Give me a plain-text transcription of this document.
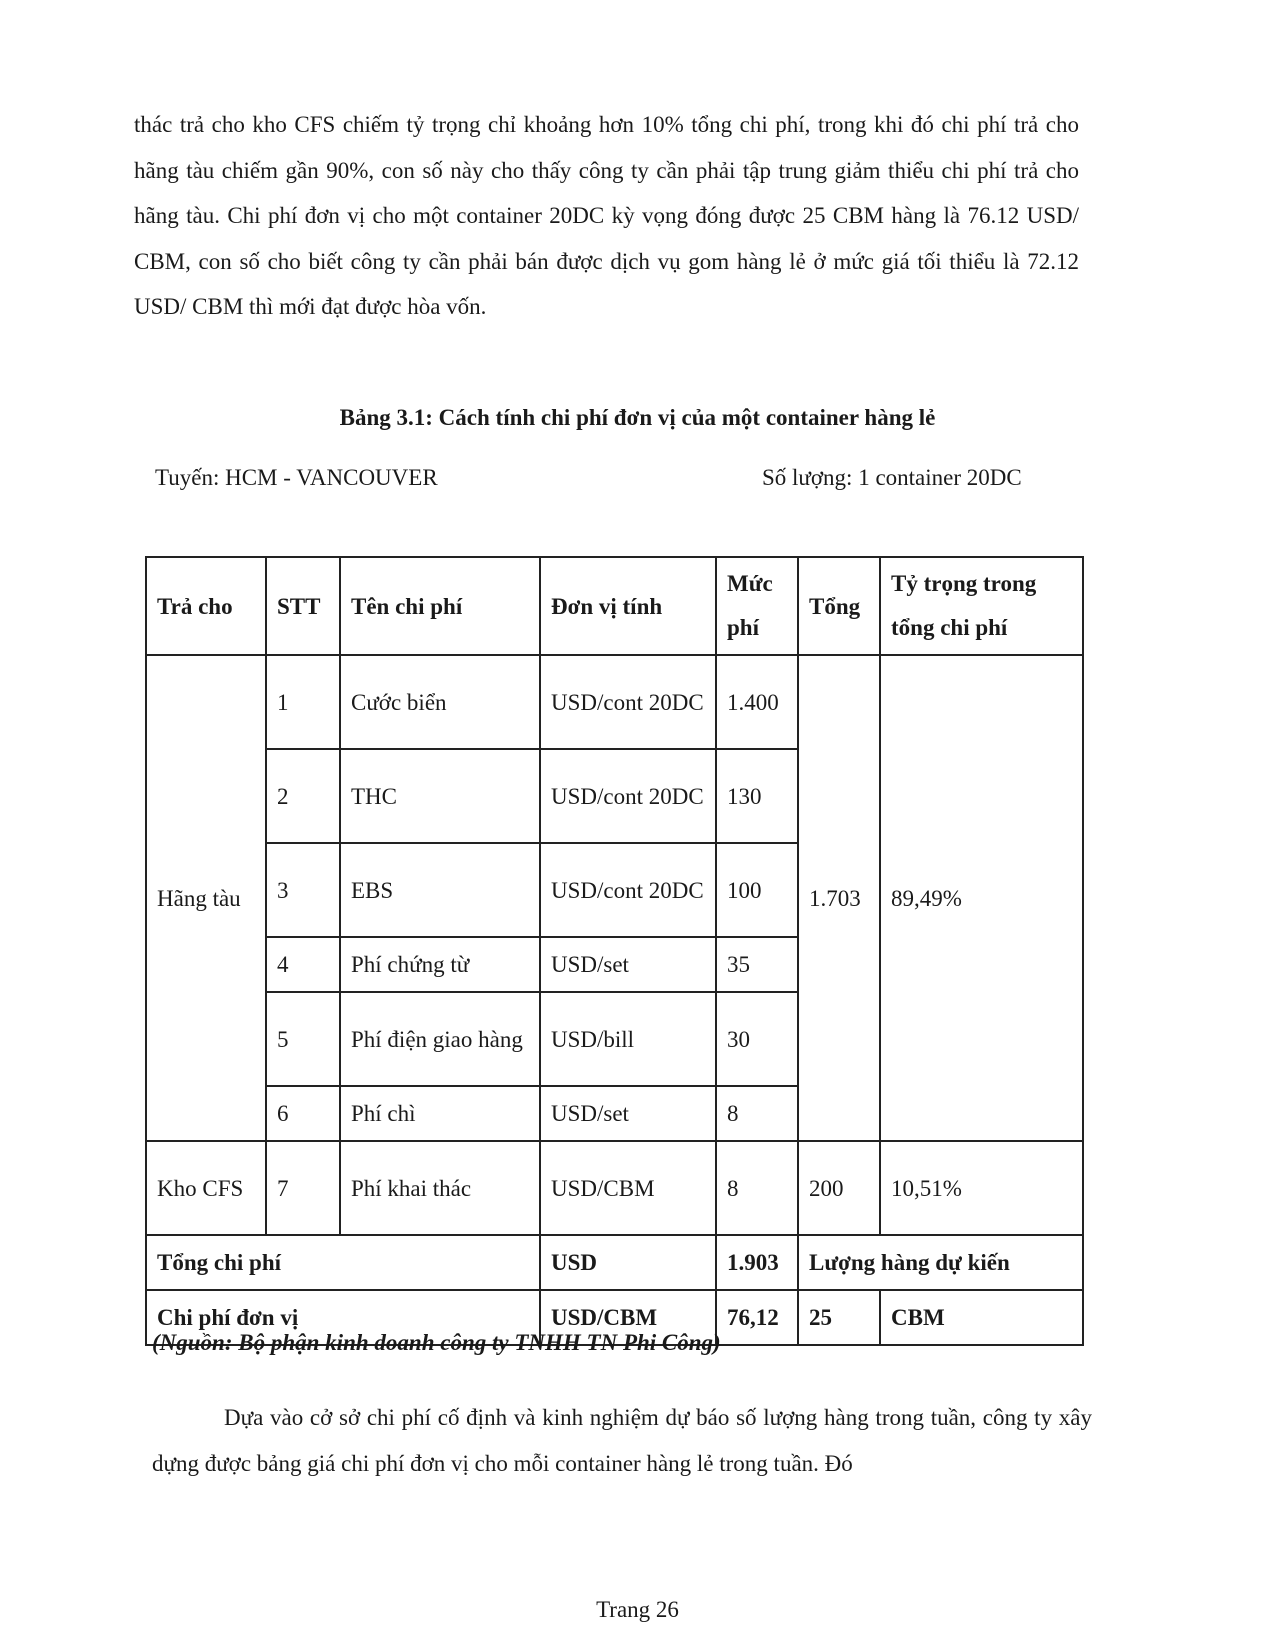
thác trả cho kho CFS chiếm tỷ trọng chỉ khoảng hơn 10% tổng chi phí, trong khi đó chi phí trả cho hãng tàu chiếm gần 90%, con số này cho thấy công ty cần phải tập trung giảm thiểu chi phí trả cho hãng tàu. Chi phí đơn vị cho một container 20DC kỳ vọng đóng được 25 CBM hàng là 76.12 USD/ CBM, con số cho biết công ty cần phải bán được dịch vụ gom hàng lẻ ở mức giá tối thiểu là 72.12 USD/ CBM thì mới đạt được hòa vốn.

Bảng 3.1: Cách tính chi phí đơn vị của một container hàng lẻ
Tuyến: HCM - VANCOUVER	Số lượng: 1 container 20DC
Trả cho	STT	Tên chi phí	Đơn vị tính	Mức phí	Tổng	Tỷ trọng trong tổng chi phí
Hãng tàu	1	Cước biển	USD/cont 20DC	1.400	1.703	89,49%
	2	THC	USD/cont 20DC	130		
	3	EBS	USD/cont 20DC	100		
	4	Phí chứng từ	USD/set	35		
	5	Phí điện giao hàng	USD/bill	30		
	6	Phí chì	USD/set	8		
Kho CFS	7	Phí khai thác	USD/CBM	8	200	10,51%
Tổng chi phí			USD	1.903	Lượng hàng dự kiến	
Chi phí đơn vị			USD/CBM	76,12	25	CBM
(Nguồn: Bộ phận kinh doanh công ty TNHH TN Phi Công)

Dựa vào cở sở chi phí cố định và kinh nghiệm dự báo số lượng hàng trong tuần, công ty xây dựng được bảng giá chi phí đơn vị cho mỗi container hàng lẻ trong tuần. Đó

Trang 26
